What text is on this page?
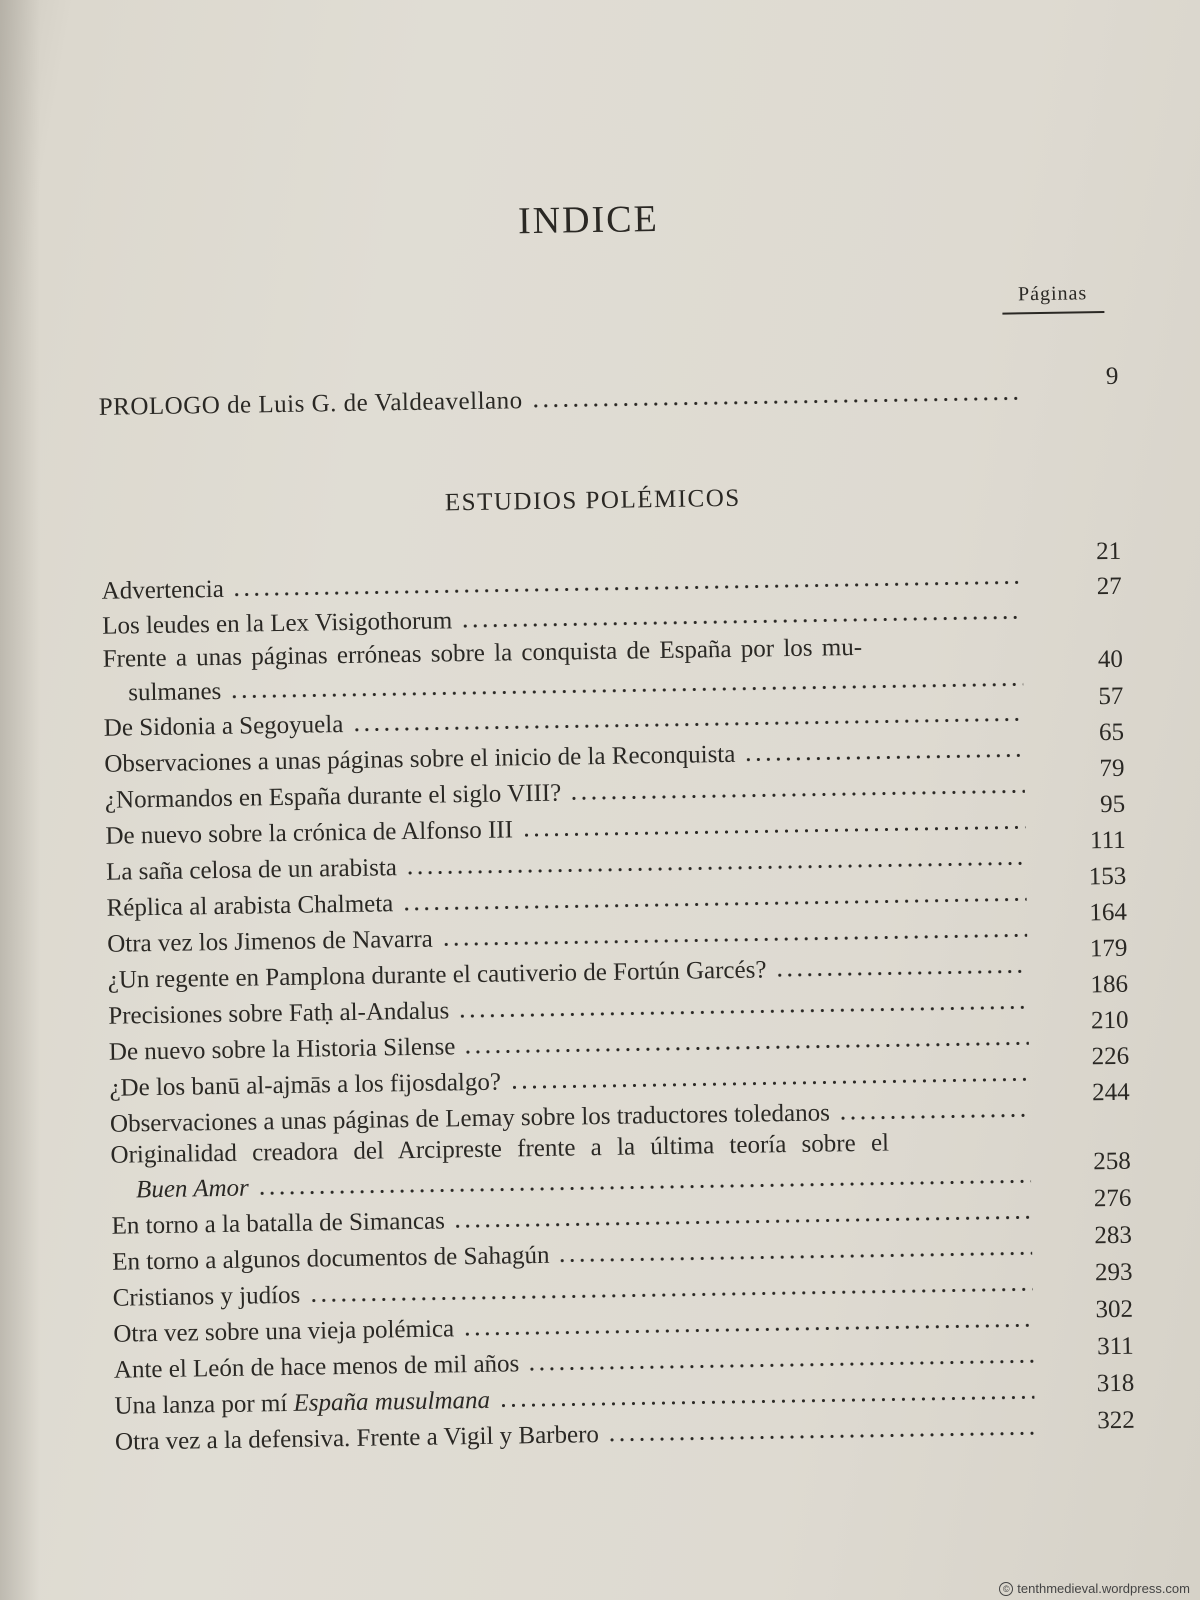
INDICE
Páginas
PROLOGO de Luis G. de Valdeavellano
9
ESTUDIOS POLÉMICOS
Advertencia
21
Los leudes en la Lex Visigothorum
27
Frente a unas páginas erróneas sobre la conquista de España por los mu-
sulmanes
40
De Sidonia a Segoyuela
57
Observaciones a unas páginas sobre el inicio de la Reconquista
65
¿Normandos en España durante el siglo VIII?
79
De nuevo sobre la crónica de Alfonso III
95
La saña celosa de un arabista
111
Réplica al arabista Chalmeta
153
Otra vez los Jimenos de Navarra
164
¿Un regente en Pamplona durante el cautiverio de Fortún Garcés?
179
Precisiones sobre Fatḥ al-Andalus
186
De nuevo sobre la Historia Silense
210
¿De los banū al-ajmās a los fijosdalgo?
226
Observaciones a unas páginas de Lemay sobre los traductores toledanos
244
Originalidad creadora del Arcipreste frente a la última teoría sobre el
Buen Amor
258
En torno a la batalla de Simancas
276
En torno a algunos documentos de Sahagún
283
Cristianos y judíos
293
Otra vez sobre una vieja polémica
302
Ante el León de hace menos de mil años
311
Una lanza por mí España musulmana
318
Otra vez a la defensiva. Frente a Vigil y Barbero
322
© tenthmedieval.wordpress.com
